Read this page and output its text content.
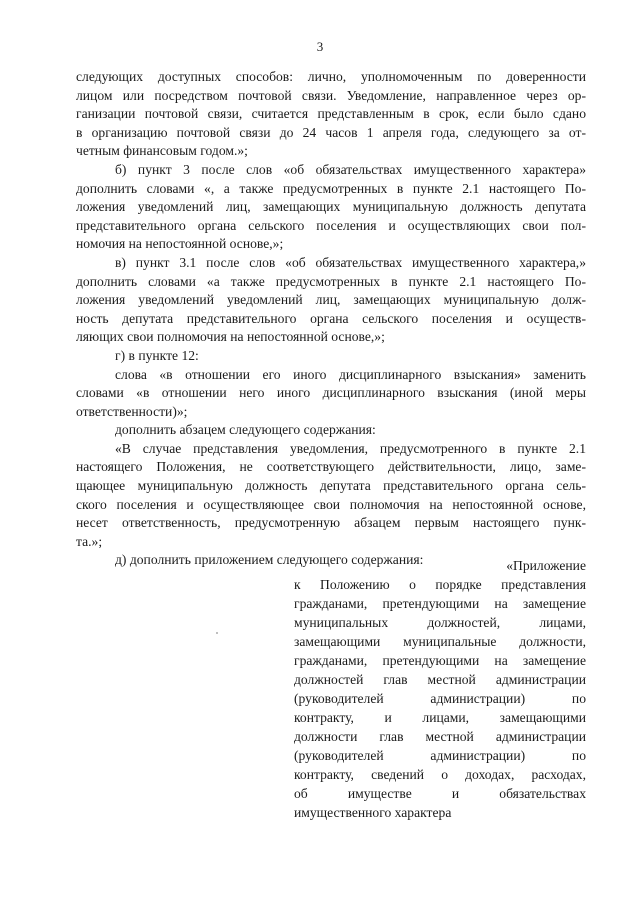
3
следующих доступных способов: лично, уполномоченным по доверенности
лицом или посредством почтовой связи. Уведомление, направленное через ор-
ганизации почтовой связи, считается представленным в срок, если было сдано
в организацию почтовой связи до 24 часов 1 апреля года, следующего за от-
четным финансовым годом.»;
б) пункт 3 после слов «об обязательствах имущественного характера»
дополнить словами «, а также предусмотренных в пункте 2.1 настоящего По-
ложения уведомлений лиц, замещающих муниципальную должность депутата
представительного органа сельского поселения и осуществляющих свои пол-
номочия на непостоянной основе,»;
в) пункт 3.1 после слов «об обязательствах имущественного характера,»
дополнить словами «а также предусмотренных в пункте 2.1 настоящего По-
ложения уведомлений уведомлений лиц, замещающих муниципальную долж-
ность депутата представительного органа сельского поселения и осуществ-
ляющих свои полномочия на непостоянной основе,»;
г) в пункте 12:
слова «в отношении его иного дисциплинарного взыскания» заменить
словами «в отношении него иного дисциплинарного взыскания (иной меры
ответственности)»;
дополнить абзацем следующего содержания:
«В случае представления уведомления, предусмотренного в пункте 2.1
настоящего Положения, не соответствующего действительности, лицо, заме-
щающее муниципальную должность депутата представительного органа сель-
ского поселения и осуществляющее свои полномочия на непостоянной основе,
несет ответственность, предусмотренную абзацем первым настоящего пунк-
та.»;
д) дополнить приложением следующего содержания:	«Приложение
к Положению о порядке представления
гражданами, претендующими на замещение
муниципальных должностей, лицами,
замещающими муниципальные должности,
гражданами, претендующими на замещение
должностей глав местной администрации
(руководителей администрации) по
контракту, и лицами, замещающими
должности глав местной администрации
(руководителей администрации) по
контракту, сведений о доходах, расходах,
об имуществе и обязательствах
имущественного характера
